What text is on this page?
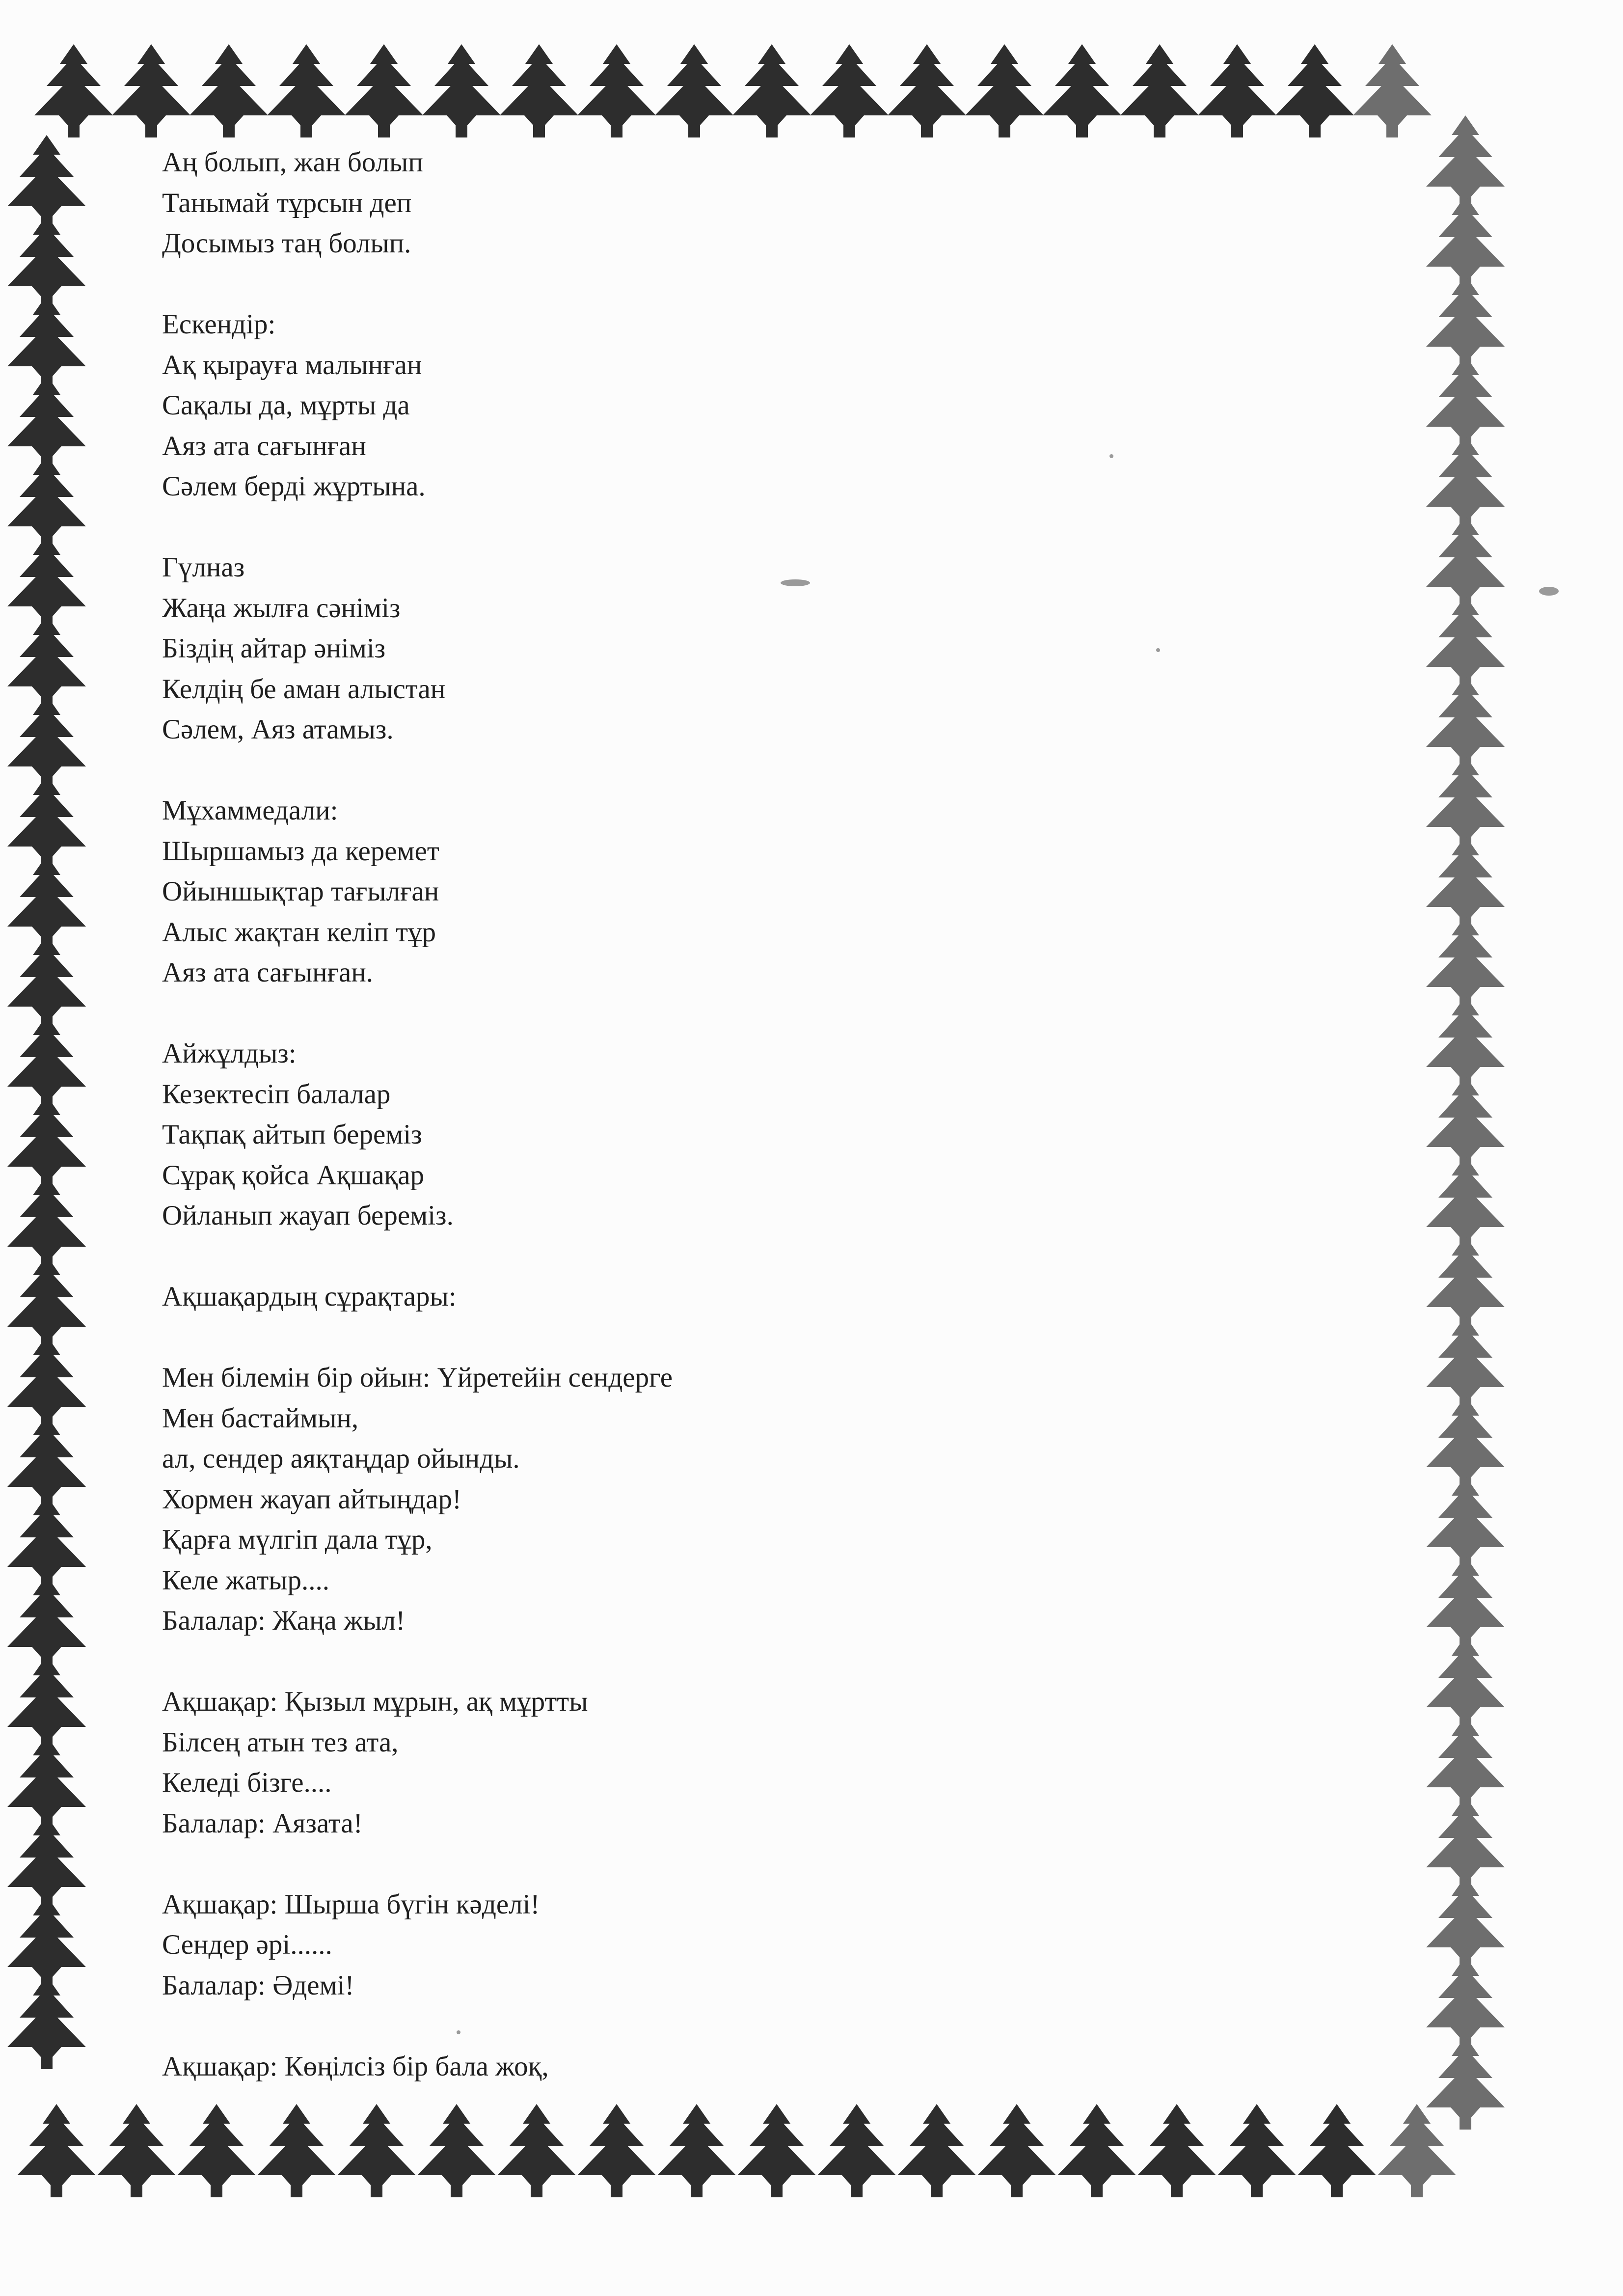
Аң болып, жан болып
Танымай тұрсын деп
Досымыз таң болып.
Ескендір:
Ақ қырауға малынған
Сақалы да, мұрты да
Аяз ата сағынған
Сәлем берді жұртына.
Гүлназ
Жаңа жылға сәніміз
Біздің айтар әніміз
Келдің бе аман алыстан
Сәлем, Аяз атамыз.
Мұхаммедали:
Шыршамыз да керемет
Ойыншықтар тағылған
Алыс жақтан келіп тұр
Аяз ата сағынған.
Айжұлдыз:
Кезектесіп балалар
Тақпақ айтып береміз
Сұрақ қойса Ақшақар
Ойланып жауап береміз.
Ақшақардың сұрақтары:
Мен білемін бір ойын: Үйретейін сендерге
Мен бастаймын,
ал, сендер аяқтаңдар ойынды.
Хормен жауап айтыңдар!
Қарға мүлгіп дала тұр,
Келе жатыр....
Балалар: Жаңа жыл!
Ақшақар: Қызыл мұрын, ақ мұртты
Білсең атын тез ата,
Келеді бізге....
Балалар: Аязата!
Ақшақар: Шырша бүгін кәделі!
Сендер әрі......
Балалар: Әдемі!
Ақшақар: Көңілсіз бір бала жоқ,
